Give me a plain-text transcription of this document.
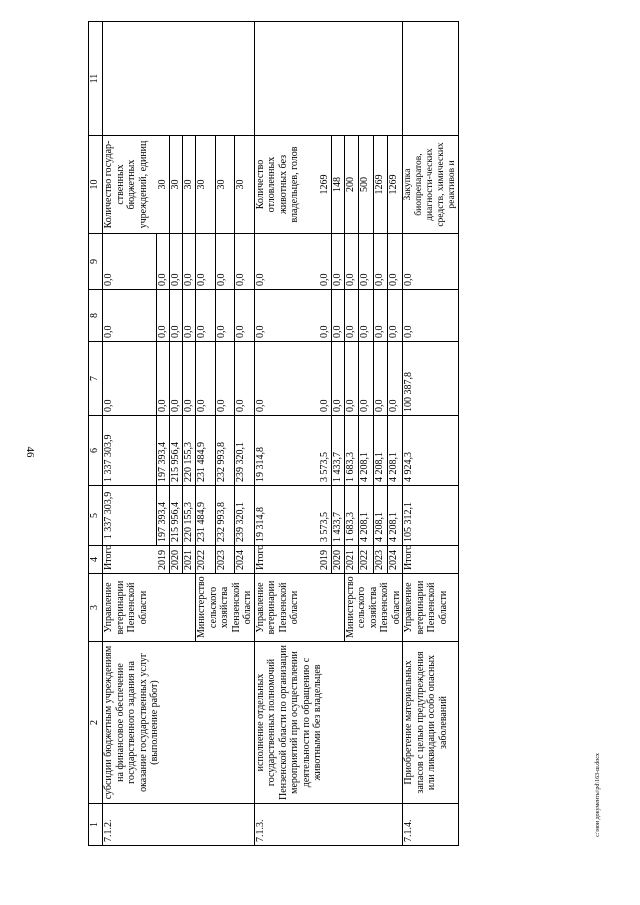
46
c:\мои документы\pd\163-ш.docx
1	2	3	4	5	6	7	8	9	10	11
7.1.2.	субсидии бюджетным учреждениям на финансовое обеспечение государственного задания на оказание государственных услуг (выполнение работ)	Управление ветеринарии Пензенской области	Итого	1 337 303,9	1 337 303,9	0,0	0,0	0,0	Количество государ-ственных бюджетных учреждений, единиц	
			2019	197 393,4	197 393,4	0,0	0,0	0,0	30	
			2020	215 956,4	215 956,4	0,0	0,0	0,0	30	
			2021	220 155,3	220 155,3	0,0	0,0	0,0	30	
		Министерство сельского хозяйства Пензенской области	2022	231 484,9	231 484,9	0,0	0,0	0,0	30	
			2023	232 993,8	232 993,8	0,0	0,0	0,0	30	
			2024	239 320,1	239 320,1	0,0	0,0	0,0	30	
7.1.3.	исполнение отдельных государственных полномочий Пензенской области по организации мероприятий при осуществлении деятельности по обращению с животными без владельцев	Управление ветеринарии Пензенской области	Итого	19 314,8	19 314,8	0,0	0,0	0,0	Количество отловленных животных без владельцев, голов	
			2019	3 573,5	3 573,5	0,0	0,0	0,0	1269	
			2020	1 433,7	1 433,7	0,0	0,0	0,0	148	
		Министерство сельского хозяйства Пензенской области	2021	1 683,3	1 683,3	0,0	0,0	0,0	200	
			2022	4 208,1	4 208,1	0,0	0,0	0,0	500	
			2023	4 208,1	4 208,1	0,0	0,0	0,0	1269	
			2024	4 208,1	4 208,1	0,0	0,0	0,0	1269	
7.1.4.	Приобретение материальных запасов с целью предупреждения или ликвидации особо опасных заболеваний	Управление ветеринарии Пензенской области	Итого	105 312,1	4 924,3	100 387,8	0,0	0,0	Закупка биопрепаратов, диагности-ческих средств, химических реактивов и	
